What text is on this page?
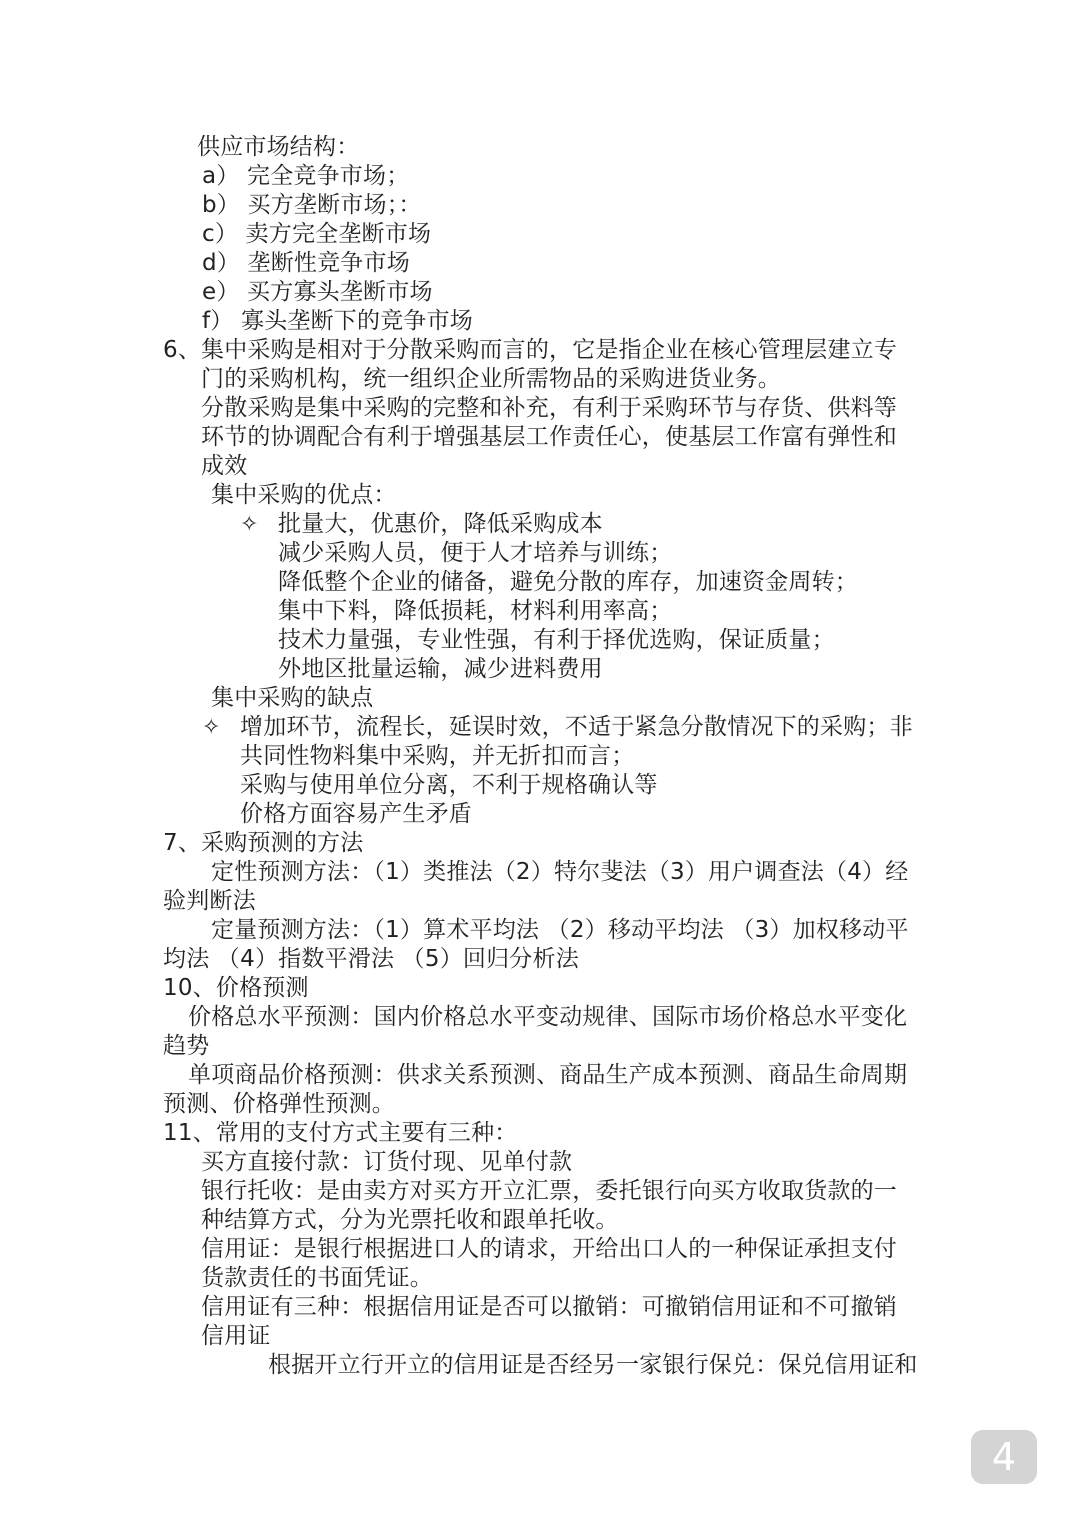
供应市场结构：
a） 完全竞争市场；
b） 买方垄断市场；：
c） 卖方完全垄断市场
d） 垄断性竞争市场
e） 买方寡头垄断市场
f） 寡头垄断下的竞争市场
6、集中采购是相对于分散采购而言的，它是指企业在核心管理层建立专
门的采购机构，统一组织企业所需物品的采购进货业务。
分散采购是集中采购的完整和补充，有利于采购环节与存货、供料等
环节的协调配合有利于增强基层工作责任心，使基层工作富有弹性和
成效
集中采购的优点：
✧ 批量大，优惠价，降低采购成本
减少采购人员，便于人才培养与训练；
降低整个企业的储备，避免分散的库存，加速资金周转；
集中下料，降低损耗，材料利用率高；
技术力量强，专业性强，有利于择优选购，保证质量；
外地区批量运输，减少进料费用
集中采购的缺点
✧ 增加环节，流程长，延误时效，不适于紧急分散情况下的采购；非
共同性物料集中采购，并无折扣而言；
采购与使用单位分离，不利于规格确认等
价格方面容易产生矛盾
7、采购预测的方法
定性预测方法：（1）类推法（2）特尔斐法（3）用户调查法（4）经
验判断法
定量预测方法：（1）算术平均法 （2）移动平均法 （3）加权移动平
均法 （4）指数平滑法 （5）回归分析法
10、价格预测
价格总水平预测：国内价格总水平变动规律、国际市场价格总水平变化
趋势
单项商品价格预测：供求关系预测、商品生产成本预测、商品生命周期
预测、价格弹性预测。
11、常用的支付方式主要有三种：
买方直接付款：订货付现、见单付款
银行托收：是由卖方对买方开立汇票，委托银行向买方收取货款的一
种结算方式，分为光票托收和跟单托收。
信用证：是银行根据进口人的请求，开给出口人的一种保证承担支付
货款责任的书面凭证。
信用证有三种：根据信用证是否可以撤销：可撤销信用证和不可撤销
信用证
根据开立行开立的信用证是否经另一家银行保兑：保兑信用证和
4
